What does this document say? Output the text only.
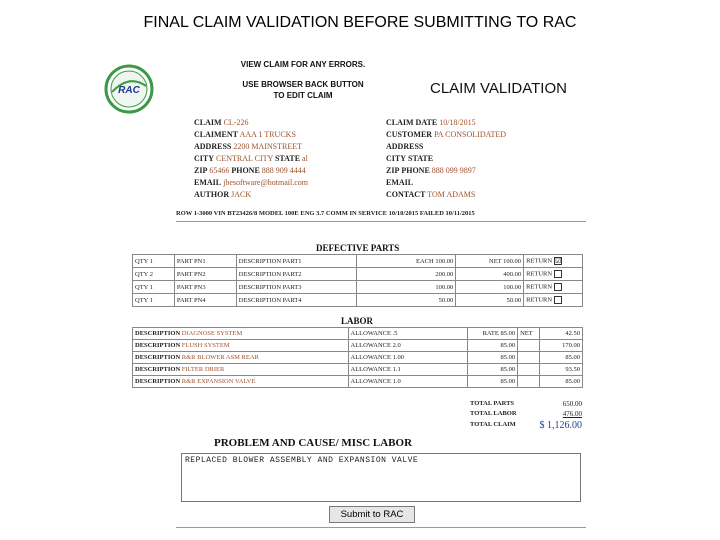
FINAL CLAIM VALIDATION BEFORE SUBMITTING TO RAC
RAC
VIEW CLAIM FOR ANY ERRORS.
USE BROWSER BACK BUTTON
TO EDIT CLAIM	CLAIM VALIDATION
CLAIM CL-226
CLAIMENT AAA 1 TRUCKS
ADDRESS 2200 MAINSTREET
CITY CENTRAL CITY STATE al
ZIP 65466 PHONE 888 909 4444
EMAIL jbesoftware@hotmail.com
AUTHOR JACK
CLAIM DATE 10/18/2015
CUSTOMER PA CONSOLIDATED
ADDRESS
CITY STATE
ZIP PHONE 888 099 9897
EMAIL
CONTACT TOM ADAMS
ROW 1-3000 VIN BT23426/8 MODEL 100E ENG 3.7 COMM IN SERVICE 10/10/2015 FAILED 10/11/2015
DEFECTIVE PARTS
QTY 1	PART PN1	DESCRIPTION PART1	EACH 100.00	NET 100.00	RETURN ☑
QTY 2	PART PN2	DESCRIPTION PART2	200.00	400.00	RETURN
QTY 1	PART PN3	DESCRIPTION PART3	100.00	100.00	RETURN
QTY 1	PART PN4	DESCRIPTION PART4	50.00	50.00	RETURN
LABOR
DESCRIPTION DIAGNOSE SYSTEM	ALLOWANCE .5	RATE 85.00	NET	42.50
DESCRIPTION FLUSH SYSTEM	ALLOWANCE 2.0	85.00		170.00
DESCRIPTION R&R BLOWER ASM REAR	ALLOWANCE 1.00	85.00		85.00
DESCRIPTION FILTER DRIER	ALLOWANCE 1.1	85.00		93.50
DESCRIPTION R&R EXPANSION VALVE	ALLOWANCE 1.0	85.00		85.00
TOTAL PARTS	650.00
TOTAL LABOR	476.00
TOTAL CLAIM	$ 1,126.00
PROBLEM AND CAUSE/ MISC LABOR
REPLACED BLOWER ASSEMBLY AND EXPANSION VALVE
Submit to RAC
